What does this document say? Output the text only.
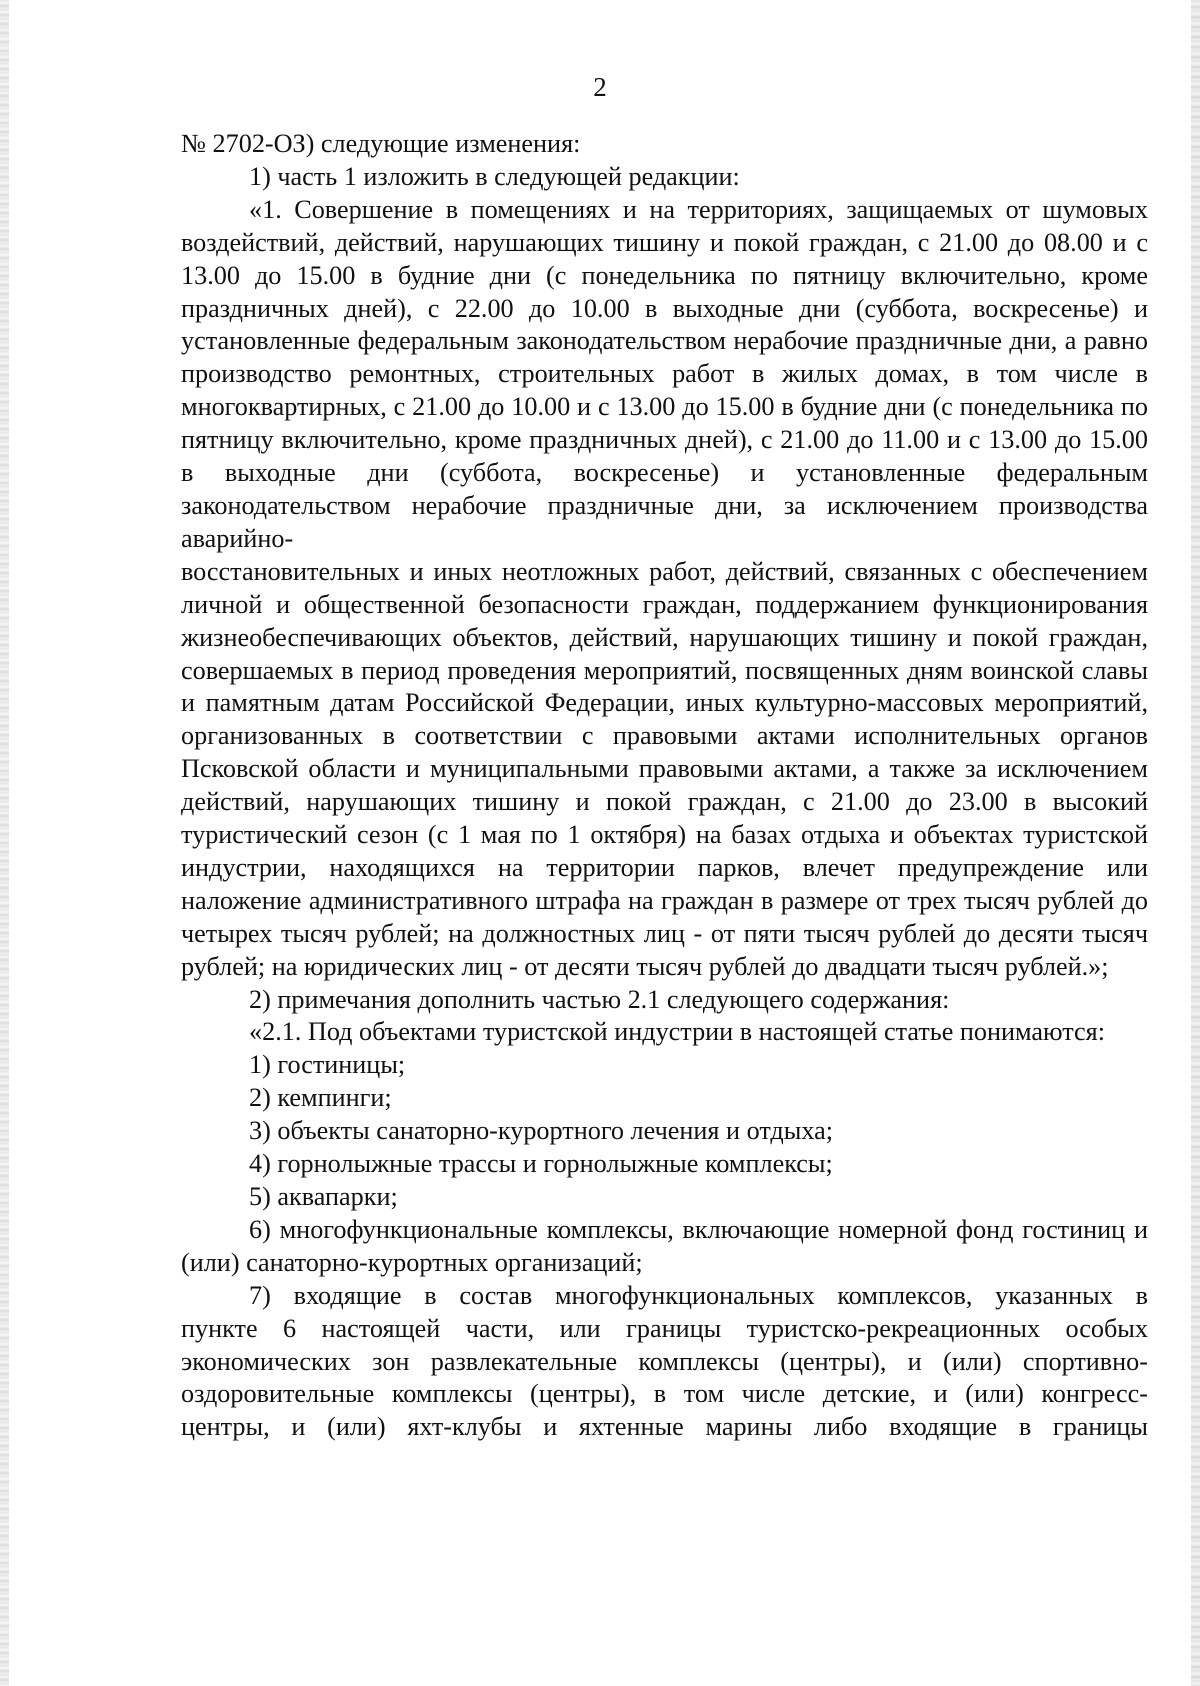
2

№ 2702-ОЗ) следующие изменения:

1) часть 1 изложить в следующей редакции:

«1. Совершение в помещениях и на территориях, защищаемых от шумовых воздействий, действий, нарушающих тишину и покой граждан, с 21.00 до 08.00 и с 13.00 до 15.00 в будние дни (с понедельника по пятницу включительно, кроме праздничных дней), с 22.00 до 10.00 в выходные дни (суббота, воскресенье) и установленные федеральным законодательством нерабочие праздничные дни, а равно производство ремонтных, строительных работ в жилых домах, в том числе в многоквартирных, с 21.00 до 10.00 и с 13.00 до 15.00 в будние дни (с понедельника по пятницу включительно, кроме праздничных дней), с 21.00 до 11.00 и с 13.00 до 15.00 в выходные дни (суббота, воскресенье) и установленные федеральным законодательством нерабочие праздничные дни, за исключением производства аварийно-
восстановительных и иных неотложных работ, действий, связанных с обеспечением личной и общественной безопасности граждан, поддержанием функционирования жизнеобеспечивающих объектов, действий, нарушающих тишину и покой граждан, совершаемых в период проведения мероприятий, посвященных дням воинской славы и памятным датам Российской Федерации, иных культурно-массовых мероприятий, организованных в соответствии с правовыми актами исполнительных органов Псковской области и муниципальными правовыми актами, а также за исключением действий, нарушающих тишину и покой граждан, с 21.00 до 23.00 в высокий туристический сезон (с 1 мая по 1 октября) на базах отдыха и объектах туристской индустрии, находящихся на территории парков, влечет предупреждение или наложение административного штрафа на граждан в размере от трех тысяч рублей до четырех тысяч рублей; на должностных лиц - от пяти тысяч рублей до десяти тысяч рублей; на юридических лиц - от десяти тысяч рублей до двадцати тысяч рублей.»;

2) примечания дополнить частью 2.1 следующего содержания:

«2.1. Под объектами туристской индустрии в настоящей статье понимаются:

1) гостиницы;

2) кемпинги;

3) объекты санаторно-курортного лечения и отдыха;

4) горнолыжные трассы и горнолыжные комплексы;

5) аквапарки;

6) многофункциональные комплексы, включающие номерной фонд гостиниц и (или) санаторно-курортных организаций;

7) входящие в состав многофункциональных комплексов, указанных в
пункте 6 настоящей части, или границы туристско-рекреационных особых
экономических зон развлекательные комплексы (центры), и (или) спортивно-
оздоровительные комплексы (центры), в том числе детские, и (или) конгресс-
центры, и (или) яхт-клубы и яхтенные марины либо входящие в границы
